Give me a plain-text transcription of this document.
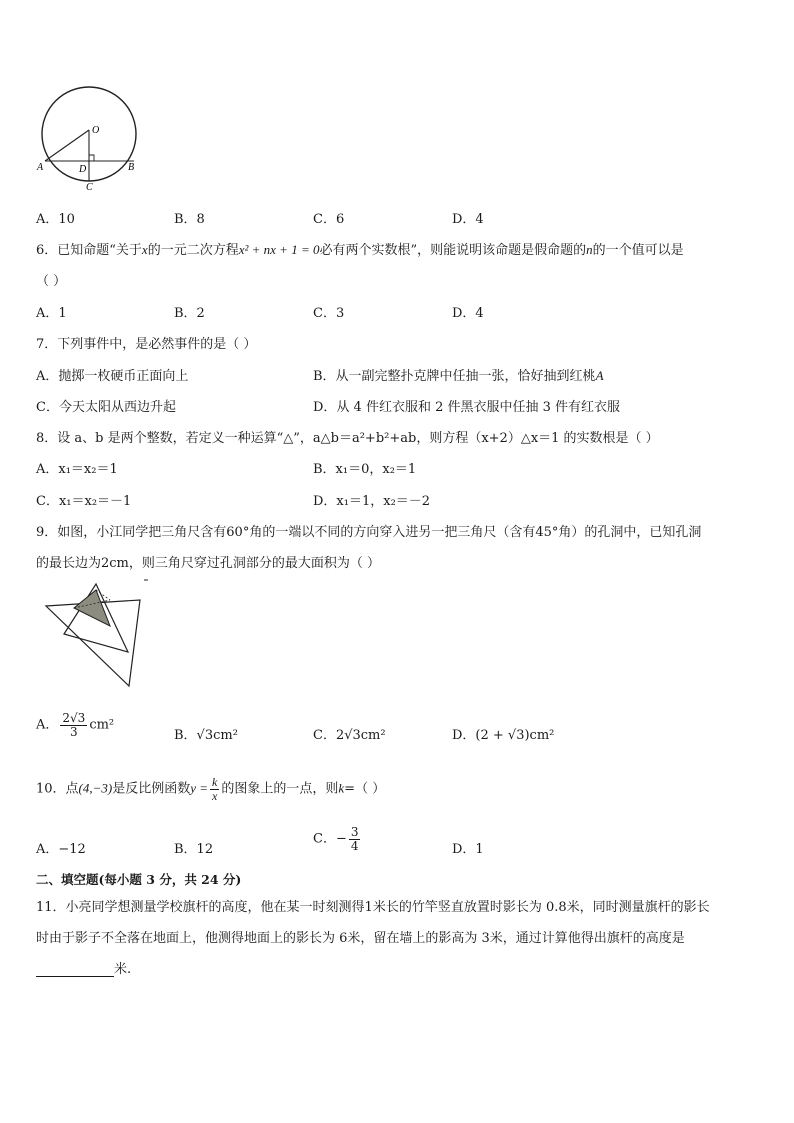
O
A	B
D
C
A．10	B．8	C．6	D．4
6．已知命题“关于x的一元二次方程x² + nx + 1 = 0必有两个实数根”，则能说明该命题是假命题的n的一个值可以是
（ ）
A．1	B．2	C．3	D．4
7．下列事件中，是必然事件的是（ ）
A．抛掷一枚硬币正面向上	B．从一副完整扑克牌中任抽一张，恰好抽到红桃A
C．今天太阳从西边升起	D．从 4 件红衣服和 2 件黑衣服中任抽 3 件有红衣服
8．设 a、b 是两个整数，若定义一种运算“△”，a△b＝a²+b²+ab，则方程（x+2）△x＝1 的实数根是（ ）
A．x₁＝x₂＝1	B．x₁＝0，x₂＝1
C．x₁＝x₂＝－1	D．x₁＝1，x₂＝－2
9．如图，小江同学把三角尺含有60°角的一端以不同的方向穿入进另一把三角尺（含有45°角）的孔洞中，已知孔洞
的最长边为2cm，则三角尺穿过孔洞部分的最大面积为（ ）
A． $\frac{2√3}{3} cm^2$
B．√3cm²	C．2√3cm²	D．(2 + √3)cm²
10．点(4,−3)是反比例函数$y = \frac{k}{x}$ 的图象上的一点，则k=（ ）
A．−12	B．12
C．− $\frac{3}{4}$	D．1
二、填空题(每小题 3 分，共 24 分)
11．小亮同学想测量学校旗杆的高度，他在某一时刻测得1米长的竹竿竖直放置时影长为 0.8米，同时测量旗杆的影长
时由于影子不全落在地面上，他测得地面上的影长为 6米，留在墙上的影高为 3米，通过计算他得出旗杆的高度是
米.
